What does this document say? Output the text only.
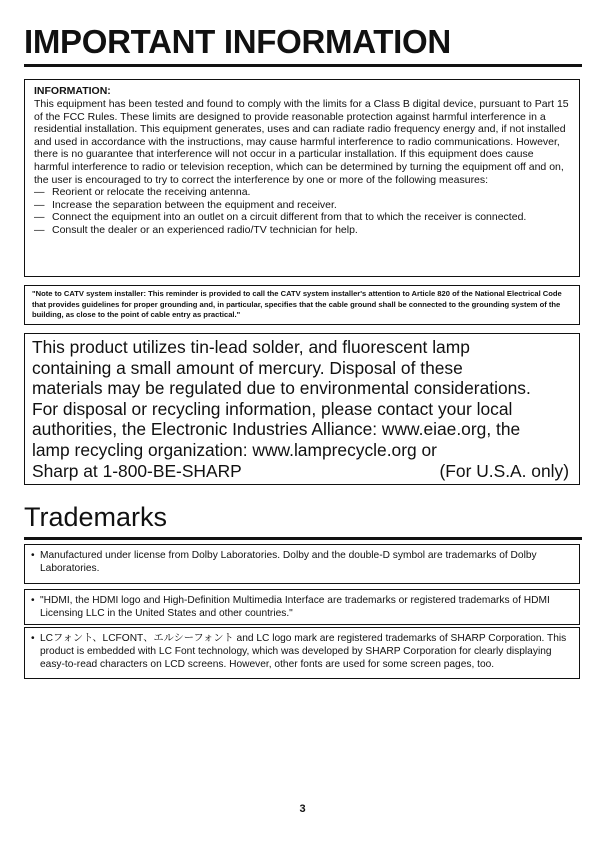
IMPORTANT INFORMATION
INFORMATION:
This equipment has been tested and found to comply with the limits for a Class B digital device, pursuant to Part 15 of the FCC Rules. These limits are designed to provide reasonable protection against harmful interference in a residential installation. This equipment generates, uses and can radiate radio frequency energy and, if not installed and used in accordance with the instructions, may cause harmful interference to radio communications. However, there is no guarantee that interference will not occur in a particular installation. If this equipment does cause harmful interference to radio or television reception, which can be determined by turning the equipment off and on, the user is encouraged to try to correct the interference by one or more of the following measures:
— Reorient or relocate the receiving antenna.
— Increase the separation between the equipment and receiver.
— Connect the equipment into an outlet on a circuit different from that to which the receiver is connected.
— Consult the dealer or an experienced radio/TV technician for help.
"Note to CATV system installer: This reminder is provided to call the CATV system installer's attention to Article 820 of the National Electrical Code that provides guidelines for proper grounding and, in particular, specifies that the cable ground shall be connected to the grounding system of the building, as close to the point of cable entry as practical."
This product utilizes tin-lead solder, and fluorescent lamp
containing a small amount of mercury. Disposal of these
materials may be regulated due to environmental considerations.
For disposal or recycling information, please contact your local
authorities, the Electronic Industries Alliance: www.eiae.org, the
lamp recycling organization: www.lamprecycle.org or
Sharp at 1-800-BE-SHARP	(For U.S.A. only)
Trademarks
• Manufactured under license from Dolby Laboratories. Dolby and the double-D symbol are trademarks of Dolby Laboratories.
• "HDMI, the HDMI logo and High-Definition Multimedia Interface are trademarks or registered trademarks of HDMI Licensing LLC in the United States and other countries."
• LCフォント、LCFONT、エルシーフォント and LC logo mark are registered trademarks of SHARP Corporation. This product is embedded with LC Font technology, which was developed by SHARP Corporation for clearly displaying easy-to-read characters on LCD screens. However, other fonts are used for some screen pages, too.
3
